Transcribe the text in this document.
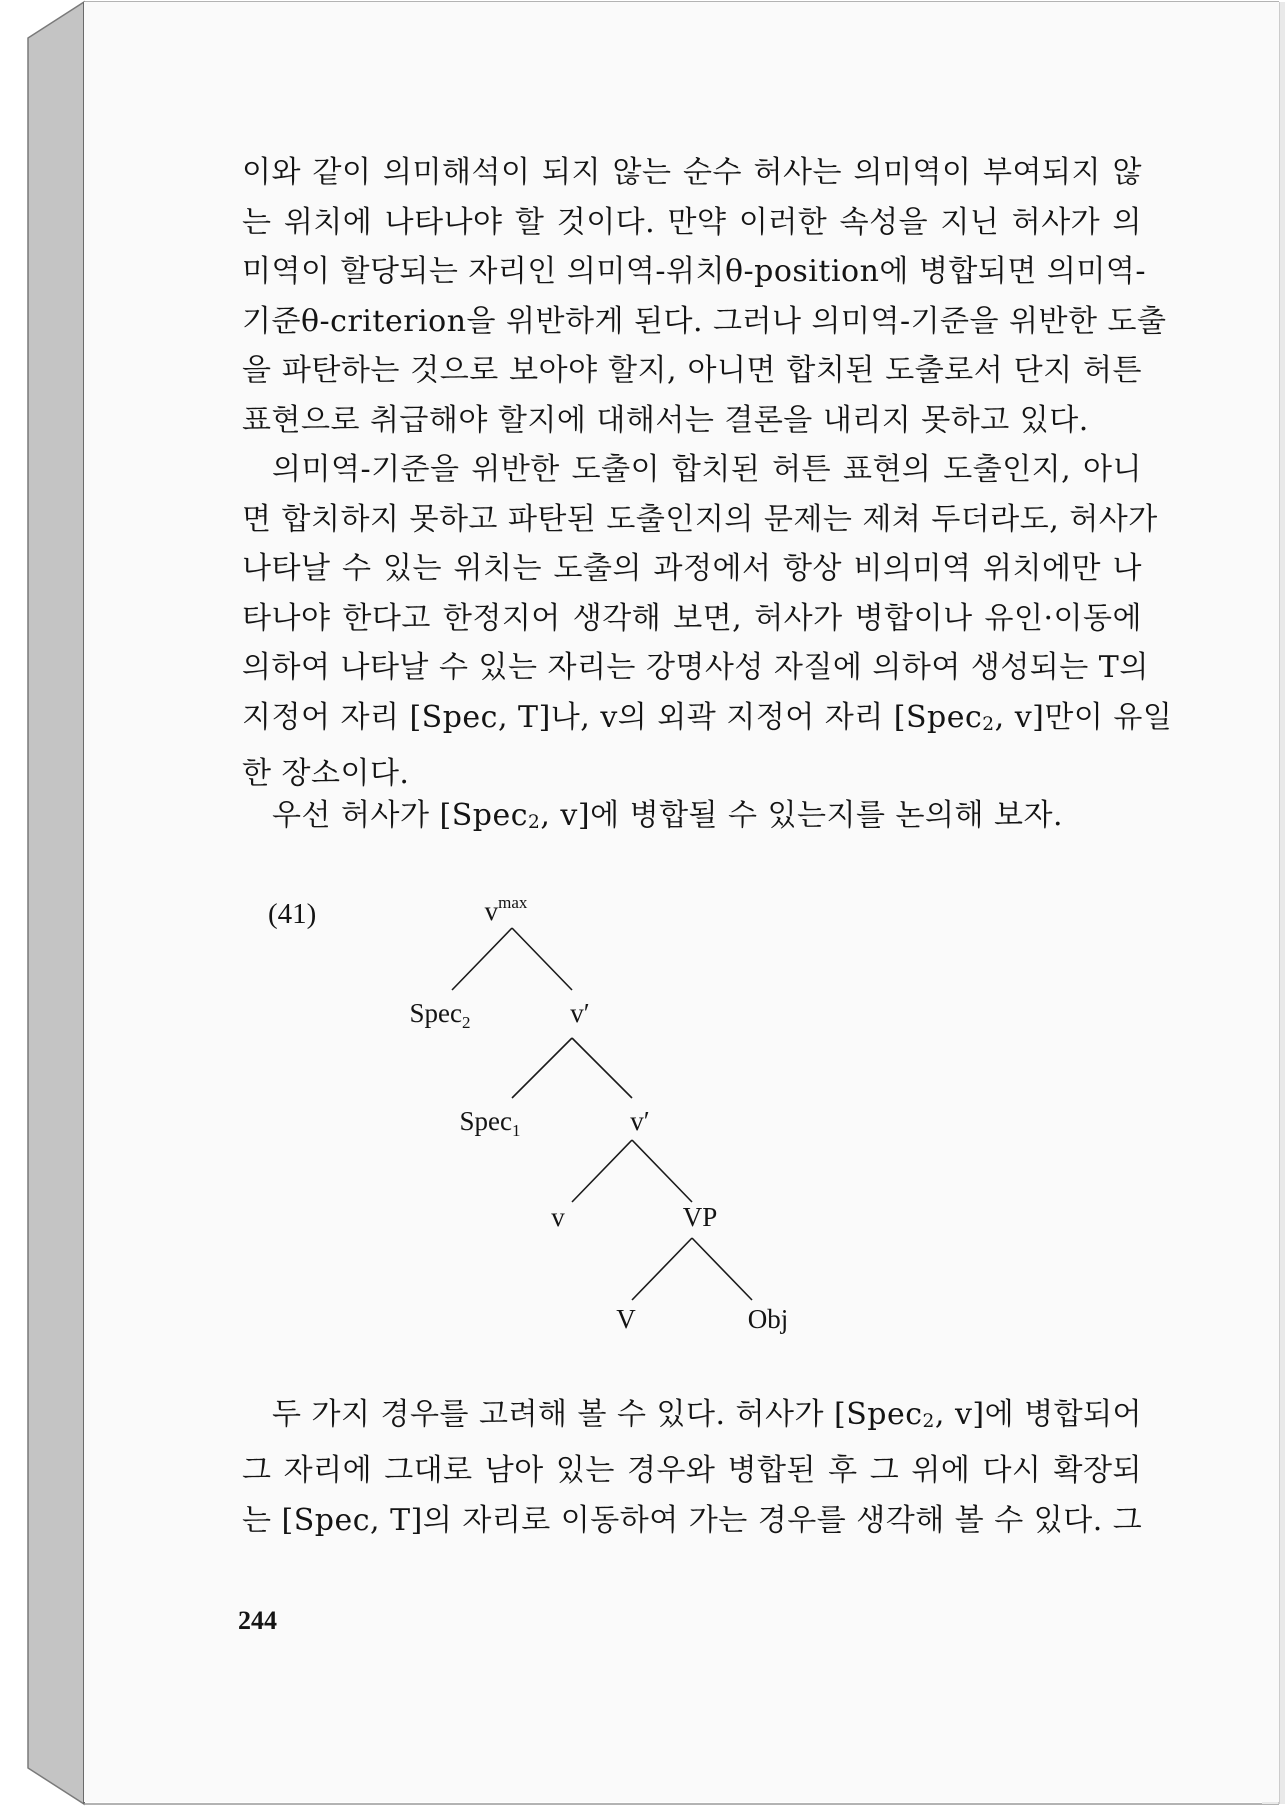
이와 같이 의미해석이 되지 않는 순수 허사는 의미역이 부여되지 않
는 위치에 나타나야 할 것이다. 만약 이러한 속성을 지닌 허사가 의
미역이 할당되는 자리인 의미역-위치θ-position에 병합되면 의미역-
기준θ-criterion을 위반하게 된다. 그러나 의미역-기준을 위반한 도출
을 파탄하는 것으로 보아야 할지, 아니면 합치된 도출로서 단지 허튼
표현으로 취급해야 할지에 대해서는 결론을 내리지 못하고 있다.
의미역-기준을 위반한 도출이 합치된 허튼 표현의 도출인지, 아니
면 합치하지 못하고 파탄된 도출인지의 문제는 제쳐 두더라도, 허사가
나타날 수 있는 위치는 도출의 과정에서 항상 비의미역 위치에만 나
타나야 한다고 한정지어 생각해 보면, 허사가 병합이나 유인·이동에
의하여 나타날 수 있는 자리는 강명사성 자질에 의하여 생성되는 T의
지정어 자리 [Spec, T]나, v의 외곽 지정어 자리 [Spec$_2$, v]만이 유일
한 장소이다.
우선 허사가 [Spec$_2$, v]에 병합될 수 있는지를 논의해 보자.
(41)	$v^{max}$
Spec$_2$	v′
Spec$_1$	v′
v	VP
V	Obj
두 가지 경우를 고려해 볼 수 있다. 허사가 [Spec$_2$, v]에 병합되어
그 자리에 그대로 남아 있는 경우와 병합된 후 그 위에 다시 확장되
는 [Spec, T]의 자리로 이동하여 가는 경우를 생각해 볼 수 있다. 그
244
